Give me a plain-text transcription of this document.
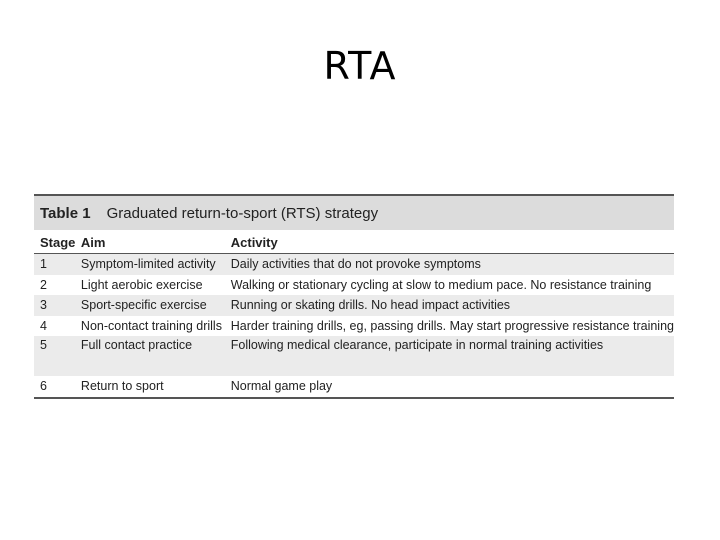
RTA
Table 1 Graduated return-to-sport (RTS) strategy
Stage	Aim	Activity
1	Symptom-limited activity	Daily activities that do not provoke symptoms
2	Light aerobic exercise	Walking or stationary cycling at slow to medium pace. No resistance training
3	Sport-specific exercise	Running or skating drills. No head impact activities
4	Non-contact training drills	Harder training drills, eg, passing drills. May start progressive resistance training
5	Full contact practice	Following medical clearance, participate in normal training activities
6	Return to sport	Normal game play
